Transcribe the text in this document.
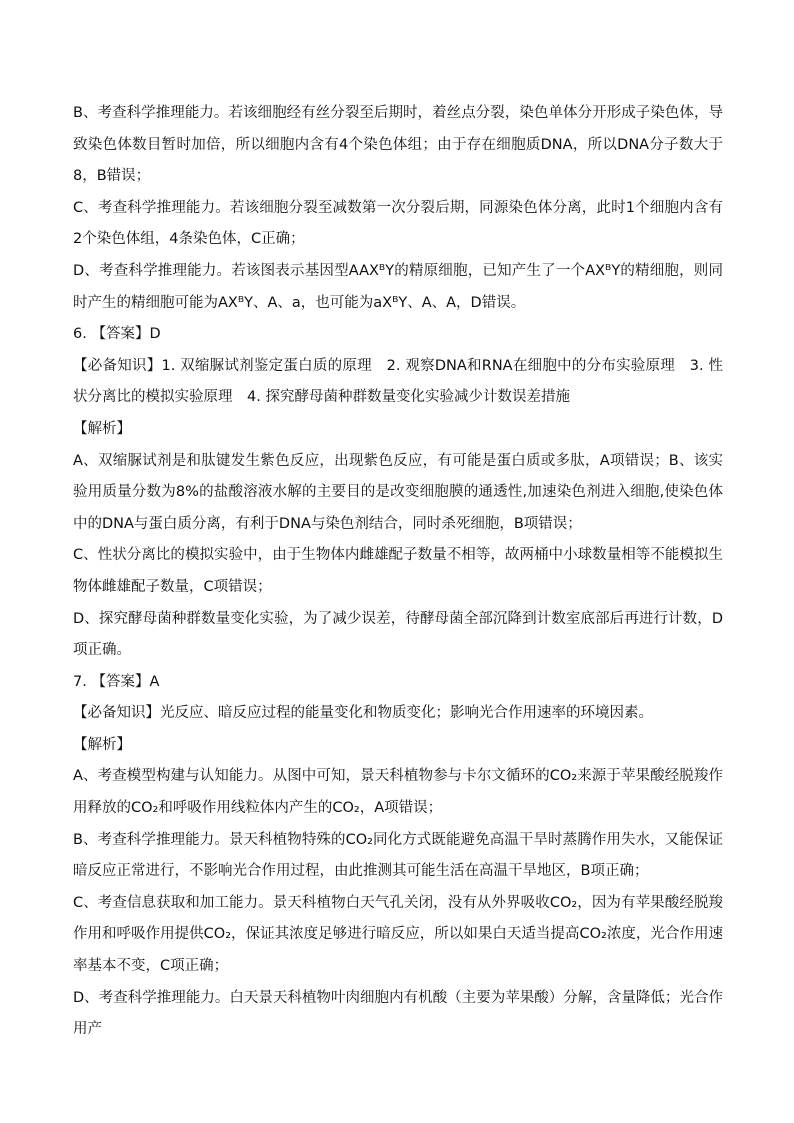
B、考查科学推理能力。若该细胞经有丝分裂至后期时，着丝点分裂，染色单体分开形成子染色体，导致染色体数目暂时加倍，所以细胞内含有4个染色体组；由于存在细胞质DNA，所以DNA分子数大于8，B错误；

C、考查科学推理能力。若该细胞分裂至减数第一次分裂后期，同源染色体分离，此时1个细胞内含有2个染色体组，4条染色体，C正确；

D、考查科学推理能力。若该图表示基因型AAXᴮY的精原细胞，已知产生了一个AXᴮY的精细胞，则同时产生的精细胞可能为AXᴮY、A、a，也可能为aXᴮY、A、A，D错误。

6. 【答案】D

【必备知识】1. 双缩脲试剂鉴定蛋白质的原理　2. 观察DNA和RNA在细胞中的分布实验原理　3. 性状分离比的模拟实验原理　4. 探究酵母菌种群数量变化实验减少计数误差措施

【解析】

A、双缩脲试剂是和肽键发生紫色反应，出现紫色反应，有可能是蛋白质或多肽，A项错误；B、该实验用质量分数为8%的盐酸溶液水解的主要目的是改变细胞膜的通透性,加速染色剂进入细胞,使染色体中的DNA与蛋白质分离，有利于DNA与染色剂结合，同时杀死细胞，B项错误；

C、性状分离比的模拟实验中，由于生物体内雌雄配子数量不相等，故两桶中小球数量相等不能模拟生物体雌雄配子数量，C项错误；

D、探究酵母菌种群数量变化实验，为了减少误差，待酵母菌全部沉降到计数室底部后再进行计数，D项正确。

7. 【答案】A

【必备知识】光反应、暗反应过程的能量变化和物质变化；影响光合作用速率的环境因素。

【解析】

A、考查模型构建与认知能力。从图中可知，景天科植物参与卡尔文循环的CO₂来源于苹果酸经脱羧作用释放的CO₂和呼吸作用线粒体内产生的CO₂，A项错误；

B、考查科学推理能力。景天科植物特殊的CO₂同化方式既能避免高温干旱时蒸腾作用失水，又能保证暗反应正常进行，不影响光合作用过程，由此推测其可能生活在高温干旱地区，B项正确；

C、考查信息获取和加工能力。景天科植物白天气孔关闭，没有从外界吸收CO₂，因为有苹果酸经脱羧作用和呼吸作用提供CO₂，保证其浓度足够进行暗反应，所以如果白天适当提高CO₂浓度，光合作用速率基本不变，C项正确；

D、考查科学推理能力。白天景天科植物叶肉细胞内有机酸（主要为苹果酸）分解，含量降低；光合作用产
